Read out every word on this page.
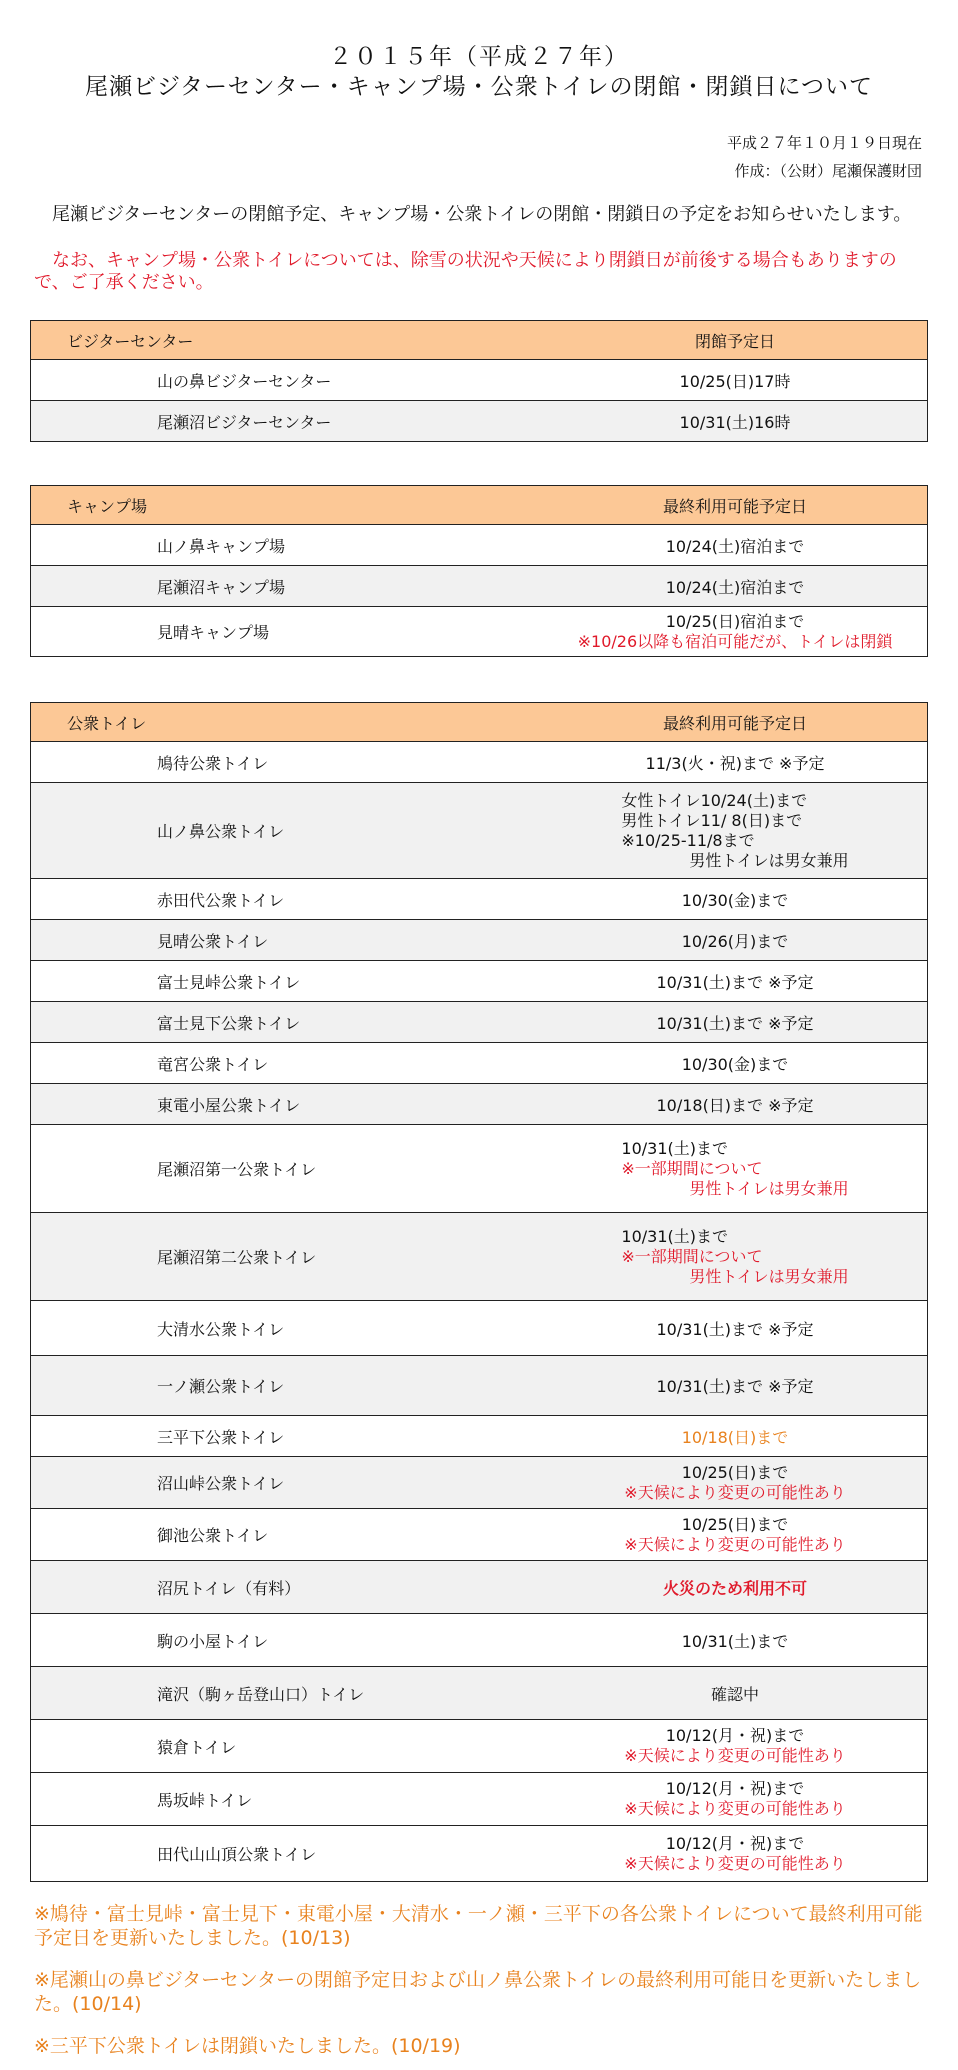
２０１５年（平成２７年）
尾瀬ビジターセンター・キャンプ場・公衆トイレの閉館・閉鎖日について
平成２７年１０月１９日現在
作成：（公財）尾瀬保護財団
尾瀬ビジターセンターの閉館予定、キャンプ場・公衆トイレの閉館・閉鎖日の予定をお知らせいたします。
なお、キャンプ場・公衆トイレについては、除雪の状況や天候により閉鎖日が前後する場合もありますので、ご了承ください。
ビジターセンター	閉館予定日
山の鼻ビジターセンター	10/25(日)17時
尾瀬沼ビジターセンター	10/31(土)16時
キャンプ場	最終利用可能予定日
山ノ鼻キャンプ場	10/24(土)宿泊まで
尾瀬沼キャンプ場	10/24(土)宿泊まで
見晴キャンプ場	10/25(日)宿泊まで
※10/26以降も宿泊可能だが、トイレは閉鎖
公衆トイレ	最終利用可能予定日
鳩待公衆トイレ	11/3(火・祝)まで ※予定
山ノ鼻公衆トイレ	女性トイレ10/24(土)まで
男性トイレ11/ 8(日)まで
※10/25-11/8まで
男性トイレは男女兼用

赤田代公衆トイレ	10/30(金)まで
見晴公衆トイレ	10/26(月)まで
富士見峠公衆トイレ	10/31(土)まで ※予定
富士見下公衆トイレ	10/31(土)まで ※予定
竜宮公衆トイレ	10/30(金)まで
東電小屋公衆トイレ	10/18(日)まで ※予定
尾瀬沼第一公衆トイレ	10/31(土)まで
※一部期間について
男性トイレは男女兼用

尾瀬沼第二公衆トイレ	10/31(土)まで
※一部期間について
男性トイレは男女兼用

大清水公衆トイレ	10/31(土)まで ※予定
一ノ瀬公衆トイレ	10/31(土)まで ※予定
三平下公衆トイレ	10/18(日)まで
沼山峠公衆トイレ	10/25(日)まで
※天候により変更の可能性あり

御池公衆トイレ	10/25(日)まで
※天候により変更の可能性あり

沼尻トイレ（有料）	火災のため利用不可
駒の小屋トイレ	10/31(土)まで
滝沢（駒ヶ岳登山口）トイレ	確認中
猿倉トイレ	10/12(月・祝)まで
※天候により変更の可能性あり

馬坂峠トイレ	10/12(月・祝)まで
※天候により変更の可能性あり

田代山山頂公衆トイレ	10/12(月・祝)まで
※天候により変更の可能性あり
※鳩待・富士見峠・富士見下・東電小屋・大清水・一ノ瀬・三平下の各公衆トイレについて最終利用可能予定日を更新いたしました。(10/13)
※尾瀬山の鼻ビジターセンターの閉館予定日および山ノ鼻公衆トイレの最終利用可能日を更新いたしました。(10/14)
※三平下公衆トイレは閉鎖いたしました。(10/19)
